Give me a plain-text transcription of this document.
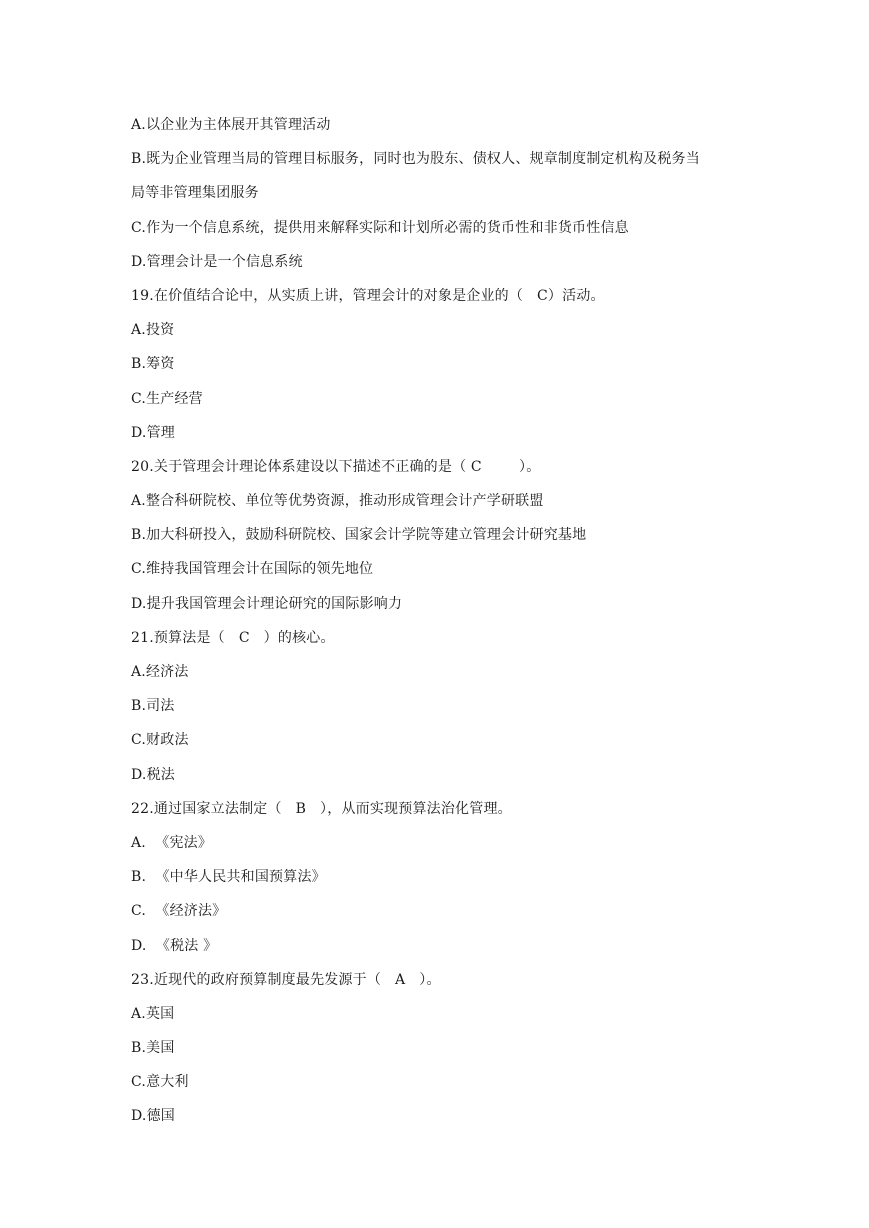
A.以企业为主体展开其管理活动
B.既为企业管理当局的管理目标服务，同时也为股东、债权人、规章制度制定机构及税务当
局等非管理集团服务
C.作为一个信息系统，提供用来解释实际和计划所必需的货币性和非货币性信息
D.管理会计是一个信息系统
19.在价值结合论中，从实质上讲，管理会计的对象是企业的（   C）活动。
A.投资
B.筹资
C.生产经营
D.管理
20.关于管理会计理论体系建设以下描述不正确的是（ C        ）。
A.整合科研院校、单位等优势资源，推动形成管理会计产学研联盟
B.加大科研投入，鼓励科研院校、国家会计学院等建立管理会计研究基地
C.维持我国管理会计在国际的领先地位
D.提升我国管理会计理论研究的国际影响力
21.预算法是（   C   ）的核心。
A.经济法
B.司法
C.财政法
D.税法
22.通过国家立法制定（   B   ），从而实现预算法治化管理。
A.  《宪法》
B.  《中华人民共和国预算法》
C.  《经济法》
D.  《税法 》
23.近现代的政府预算制度最先发源于（   A   ）。
A.英国
B.美国
C.意大利
D.德国
